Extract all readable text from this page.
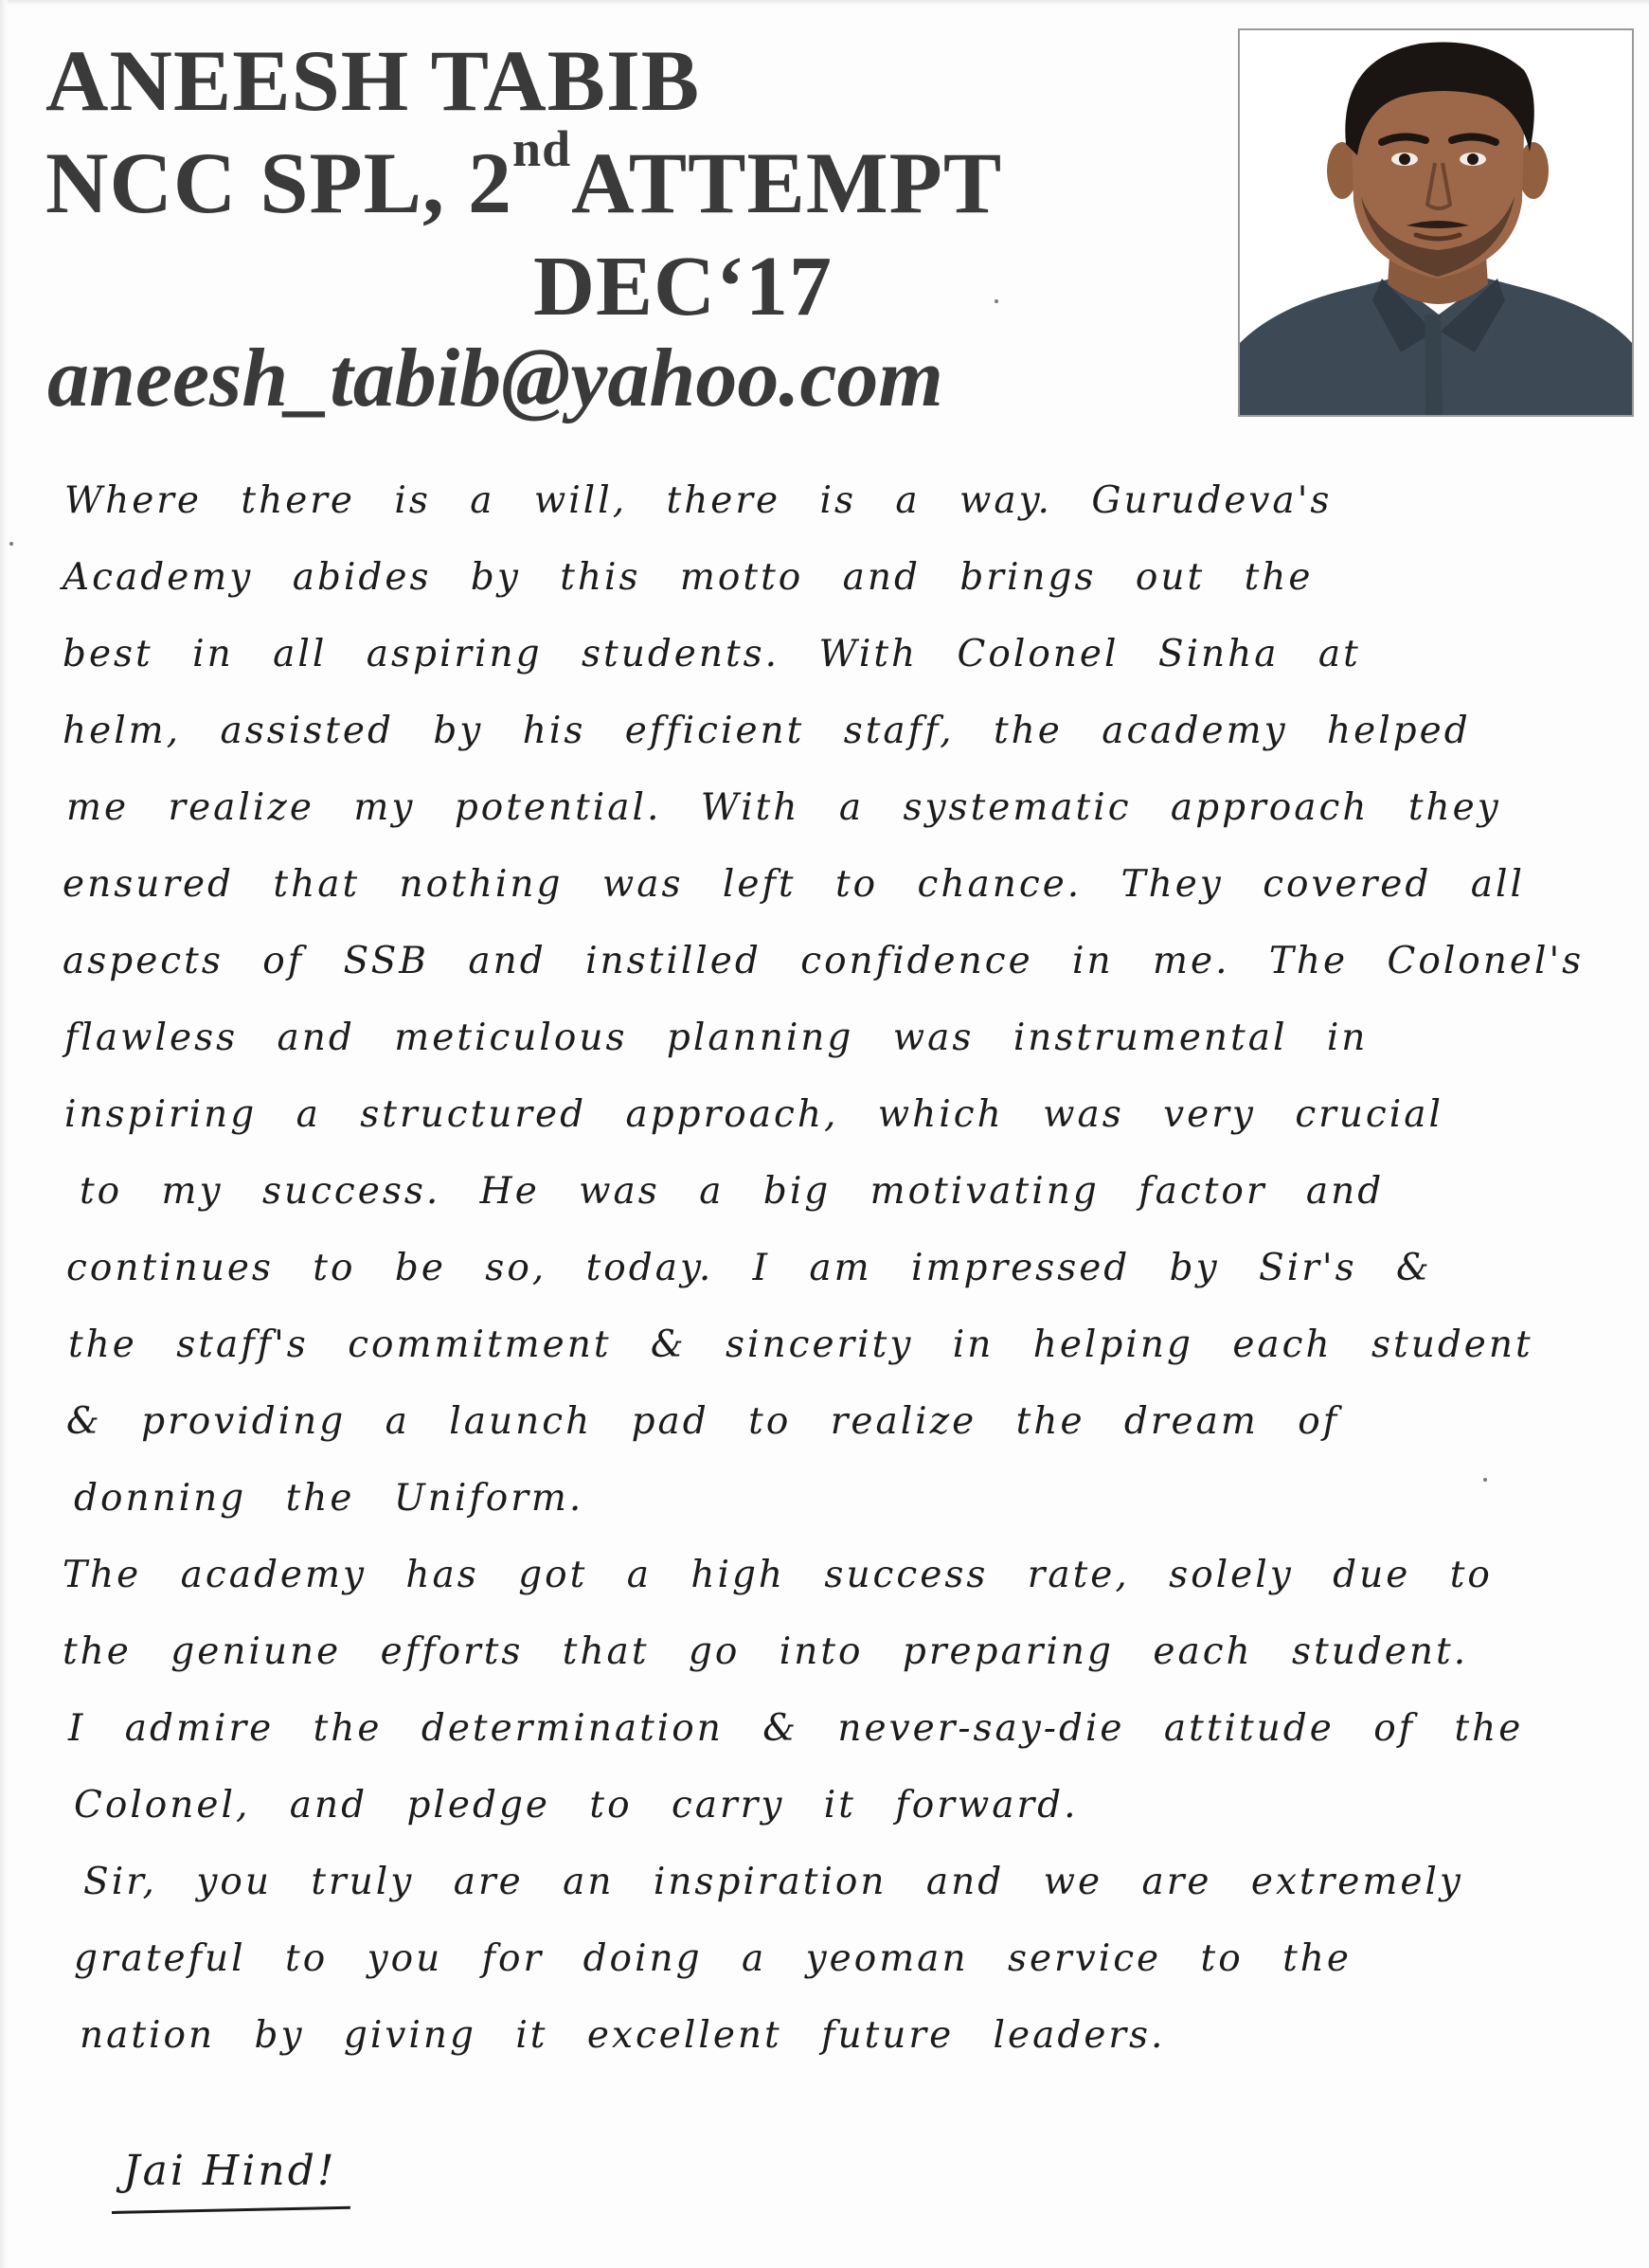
ANEESH TABIB
NCC SPL, 2ndATTEMPT
DEC‘17
aneesh_tabib@yahoo.com
Where there is a will, there is a way. Gurudeva's
Academy abides by this motto and brings out the
best in all aspiring students. With Colonel Sinha at
helm, assisted by his efficient staff, the academy helped
me realize my potential. With a systematic approach they
ensured that nothing was left to chance. They covered all
aspects of SSB and instilled confidence in me. The Colonel's
flawless and meticulous planning was instrumental in
inspiring a structured approach, which was very crucial
to my success. He was a big motivating factor and
continues to be so, today. I am impressed by Sir's &
the staff's commitment & sincerity in helping each student
& providing a launch pad to realize the dream of
donning the Uniform.
The academy has got a high success rate, solely due to
the geniune efforts that go into preparing each student.
I admire the determination & never-say-die attitude of the
Colonel, and pledge to carry it forward.
Sir, you truly are an inspiration and we are extremely
grateful to you for doing a yeoman service to the
nation by giving it excellent future leaders.
Jai Hind!
